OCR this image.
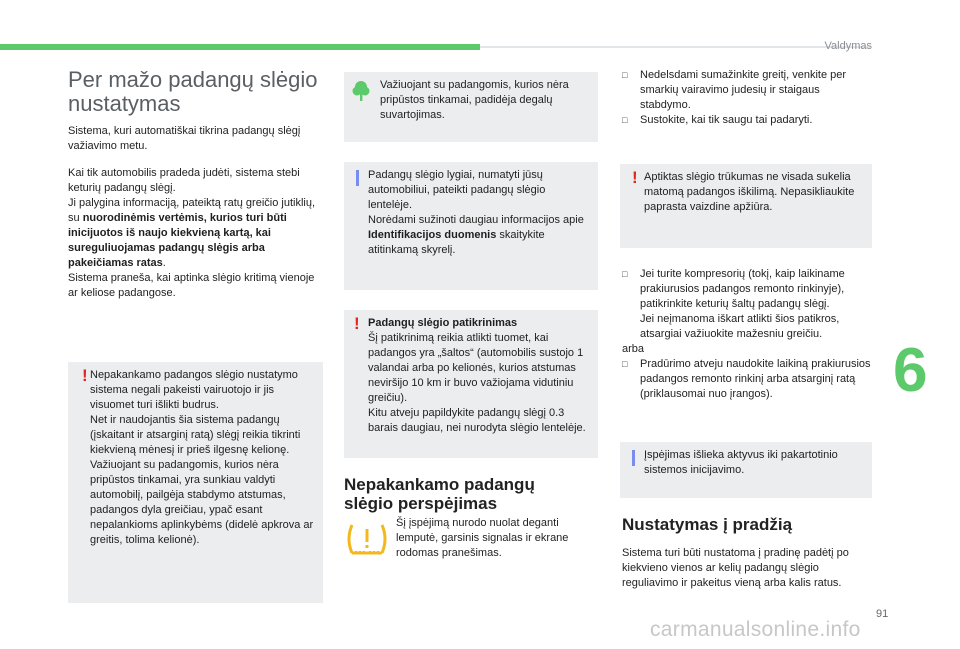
Valdymas
6
91
carmanualsonline.info
Per mažo padangų slėgio nustatymas

Sistema, kuri automatiškai tikrina padangų slėgį važiavimo metu.

Kai tik automobilis pradeda judėti, sistema stebi keturių padangų slėgį.
Ji palygina informaciją, pateiktą ratų greičio jutiklių, su nuorodinėmis vertėmis, kurios turi būti inicijuotos iš naujo kiekvieną kartą, kai sureguliuojamas padangų slėgis arba pakeičiamas ratas.
Sistema praneša, kai aptinka slėgio kritimą vienoje ar keliose padangose.

! Nepakankamo padangos slėgio nustatymo sistema negali pakeisti vairuotojo ir jis visuomet turi išlikti budrus.
Net ir naudojantis šia sistema padangų (įskaitant ir atsarginį ratą) slėgį reikia tikrinti kiekvieną mėnesį ir prieš ilgesnę kelionę.
Važiuojant su padangomis, kurios nėra pripūstos tinkamai, yra sunkiau valdyti automobilį, pailgėja stabdymo atstumas, padangos dyla greičiau, ypač esant nepalankioms aplinkybėms (didelė apkrova ar greitis, tolima kelionė).
Važiuojant su padangomis, kurios nėra pripūstos tinkamai, padidėja degalų suvartojimas.
Padangų slėgio lygiai, numatyti jūsų automobiliui, pateikti padangų slėgio lentelėje.
Norėdami sužinoti daugiau informacijos apie Identifikacijos duomenis skaitykite atitinkamą skyrelį.
! Padangų slėgio patikrinimas
Šį patikrinimą reikia atlikti tuomet, kai padangos yra „šaltos“ (automobilis sustojo 1 valandai arba po kelionės, kurios atstumas neviršijo 10 km ir buvo važiojama vidutiniu greičiu).
Kitu atveju papildykite padangų slėgį 0.3 barais daugiau, nei nurodyta slėgio lentelėje.
Nepakankamo padangų slėgio perspėjimas
Šį įspėjimą nurodo nuolat deganti lemputė, garsinis signalas ir ekrane rodomas pranešimas.
□	Nedelsdami sumažinkite greitį, venkite per smarkių vairavimo judesių ir staigaus stabdymo.
□	Sustokite, kai tik saugu tai padaryti.
! Aptiktas slėgio trūkumas ne visada sukelia matomą padangos iškilimą. Nepasikliaukite paprasta vaizdine apžiūra.
□	Jei turite kompresorių (tokį, kaip laikiname prakiurusios padangos remonto rinkinyje), patikrinkite keturių šaltų padangų slėgį.
Jei neįmanoma iškart atlikti šios patikros, atsargiai važiuokite mažesniu greičiu.
arba
□	Pradūrimo atveju naudokite laikiną prakiurusios padangos remonto rinkinį arba atsarginį ratą (priklausomai nuo įrangos).
Įspėjimas išlieka aktyvus iki pakartotinio sistemos inicijavimo.
Nustatymas į pradžią
Sistema turi būti nustatoma į pradinę padėtį po kiekvieno vienos ar kelių padangų slėgio reguliavimo ir pakeitus vieną arba kalis ratus.
